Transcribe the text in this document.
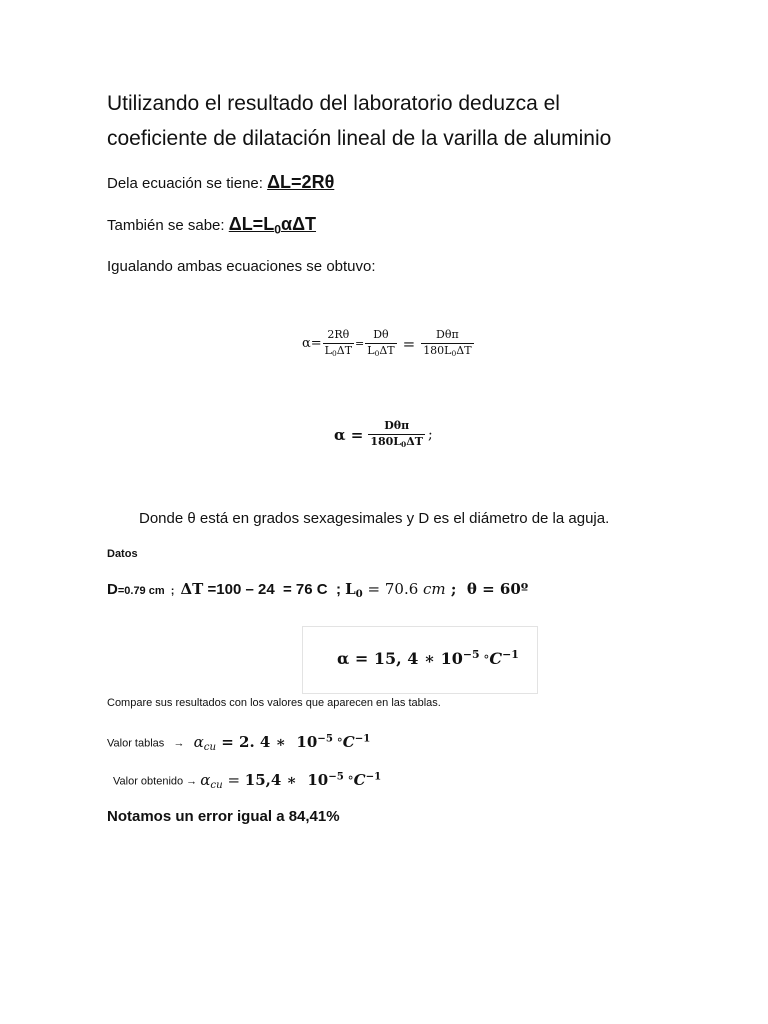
Utilizando el resultado del laboratorio deduzca el
coeficiente de dilatación lineal de la varilla de aluminio
Dela ecuación se tiene: ΔL=2Rθ
También se sabe: $\Delta L=L_0\alpha\Delta T$
Igualando ambas ecuaciones se obtuvo:
$\alpha= \frac{2R\theta}{L_0\Delta T} = \frac{D\theta}{L_0\Delta T} = \frac{\text{Dθπ}}{180L_0\Delta T}$
$\alpha = \frac{\text{Dθπ}}{180L_0\Delta T}$ ;
Donde θ está en grados sexagesimales y D es el diámetro de la aguja.
Datos
D=0.79 cm  ;  ΔT =100 – 24  = 76 C  ; $L_0 = 70.6$ cm ;  θ = 60º
α = 15, 4 ∗ $10^{-5}$ $^\circ C^{-1}$
Compare sus resultados con los valores que aparecen en las tablas.
Valor tablas   →   $\alpha_{cu} = 2$. 4 ∗  $10^{-5}$ $^\circ C^{-1}$
Valor obtenido → $\alpha_{cu} = 15,4$ ∗  $10^{-5}$ $^\circ C^{-1}$
Notamos un error igual a 84,41%
